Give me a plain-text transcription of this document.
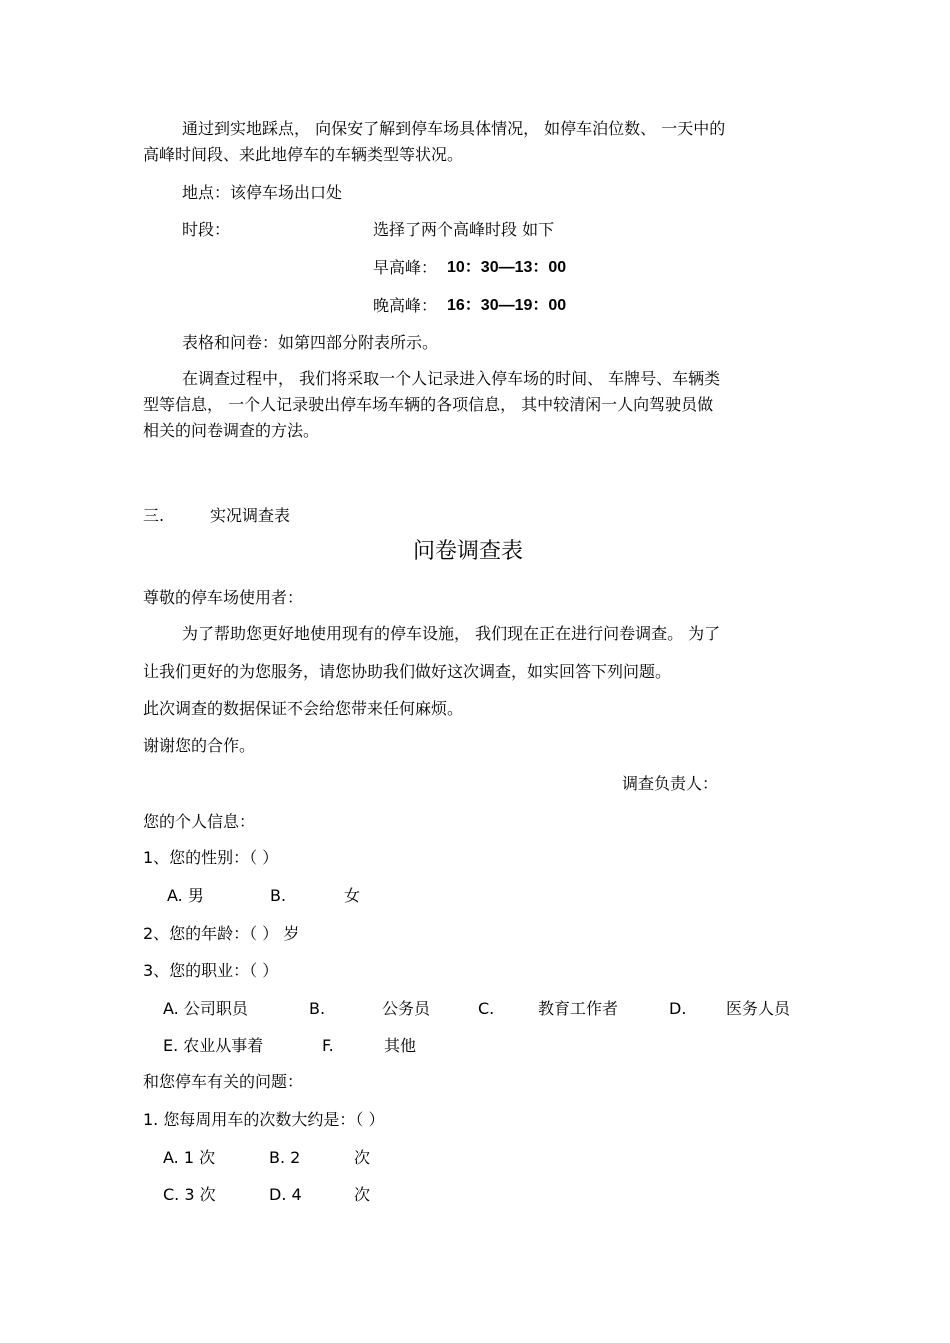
通过到实地踩点， 向保安了解到停车场具体情况， 如停车泊位数、 一天中的
高峰时间段、来此地停车的车辆类型等状况。
地点：该停车场出口处
时段：	选择了两个高峰时段 如下
早高峰： 10：30—13：00
晚高峰： 16：30—19：00
表格和问卷：如第四部分附表所示。
在调查过程中， 我们将采取一个人记录进入停车场的时间、 车牌号、车辆类
型等信息， 一个人记录驶出停车场车辆的各项信息， 其中较清闲一人向驾驶员做
相关的问卷调查的方法。
三.	实况调查表
问卷调查表
尊敬的停车场使用者：
为了帮助您更好地使用现有的停车设施， 我们现在正在进行问卷调查。 为了
让我们更好的为您服务，请您协助我们做好这次调查，如实回答下列问题。
此次调查的数据保证不会给您带来任何麻烦。
谢谢您的合作。
调查负责人：
您的个人信息：
1、您的性别：（ ）
A. 男	B.	女
2、您的年龄：（ ） 岁
3、您的职业：（ ）
A. 公司职员	B.	公务员	C.	教育工作者	D. 医务人员
E. 农业从事着	F.	其他
和您停车有关的问题：
1. 您每周用车的次数大约是：（ ）
A. 1 次	B. 2	次
C. 3 次	D. 4	次
